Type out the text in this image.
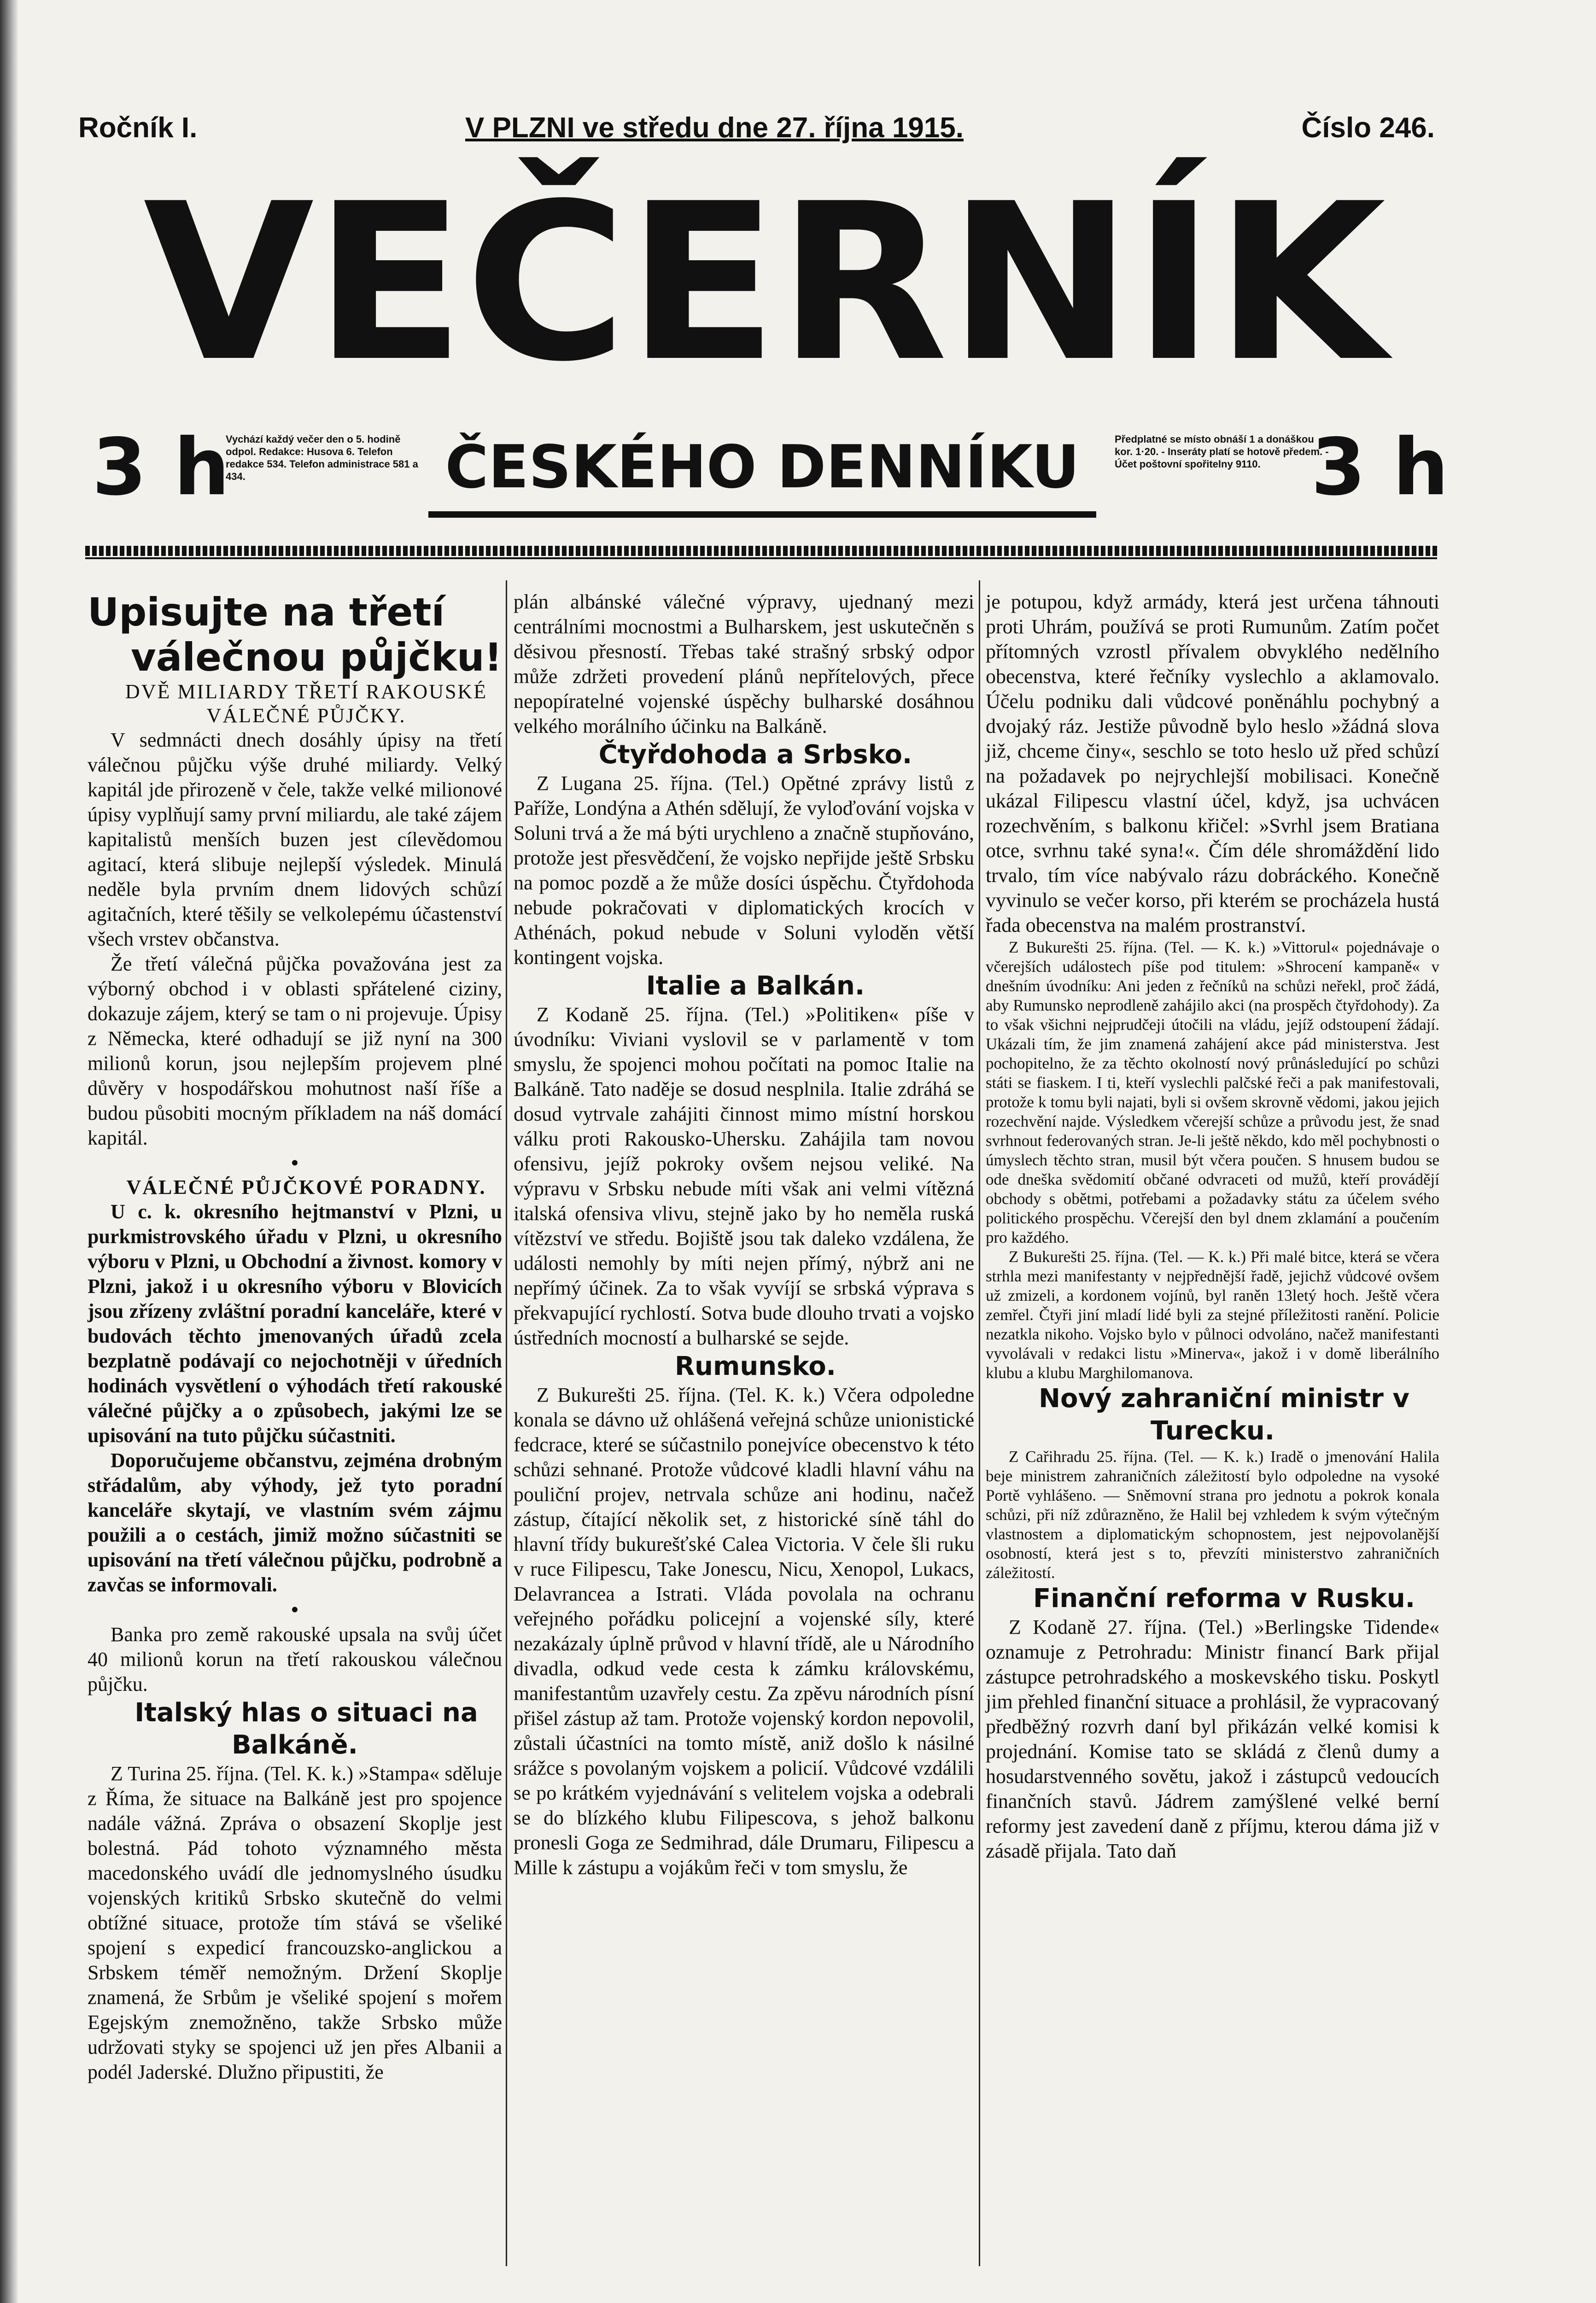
Ročník I.	V PLZNI ve středu dne 27. října 1915.	Číslo 246.
VEČERNÍK
3 h
Vychází každý večer den o 5. hodině odpol. Redakce: Husova 6. Telefon redakce 534. Telefon administrace 581 a 434.	ČESKÉHO DENNÍKU	Předplatné se místo obnáší 1 a donáškou kor. 1·20. - Inseráty platí se hotově předem. - Účet poštovní spořitelny 9110. 3 h

Upisujte na třetí

válečnou půjčku!

DVĚ MILIARDY TŘETÍ RAKOUSKÉ

VÁLEČNÉ PŮJČKY.

V sedmnácti dnech dosáhly úpisy na třetí válečnou půjčku výše druhé miliardy. Velký kapitál jde přirozeně v čele, takže velké milionové úpisy vyplňují samy první miliardu, ale také zájem kapitalistů menších buzen jest cílevědomou agitací, která slibuje nejlepší výsledek. Minulá neděle byla prvním dnem lidových schůzí agitačních, které těšily se velkolepému účastenství všech vrstev občanstva.

Že třetí válečná půjčka považována jest za výborný obchod i v oblasti spřátelené ciziny, dokazuje zájem, který se tam o ni projevuje. Úpisy z Německa, které odhadují se již nyní na 300 milionů korun, jsou nejlepším projevem plné důvěry v hospodářskou mohutnost naší říše a budou působiti mocným příkladem na náš domácí kapitál.

•

VÁLEČNÉ PŮJČKOVÉ PORADNY.

U c. k. okresního hejtmanství v Plzni, u purkmistrovského úřadu v Plzni, u okresního výboru v Plzni, u Obchodní a živnost. komory v Plzni, jakož i u okresního výboru v Blovicích jsou zřízeny zvláštní poradní kanceláře, které v budovách těchto jmenovaných úřadů zcela bezplatně podávají co nejochotněji v úředních hodinách vysvětlení o výhodách třetí rakouské válečné půjčky a o způsobech, jakými lze se upisování na tuto půjčku súčastniti.

Doporučujeme občanstvu, zejména drobným střádalům, aby výhody, jež tyto poradní kanceláře skytají, ve vlastním svém zájmu použili a o cestách, jimiž možno súčastniti se upisování na třetí válečnou půjčku, podrobně a zavčas se informovali.

•

Banka pro země rakouské upsala na svůj účet 40 milionů korun na třetí rakouskou válečnou půjčku.

Italský hlas o situaci na Balkáně.

Z Turina 25. října. (Tel. K. k.) »Stampa« sděluje z Říma, že situace na Balkáně jest pro spojence nadále vážná. Zpráva o obsazení Skoplje jest bolestná. Pád tohoto významného města macedonského uvádí dle jednomyslného úsudku vojenských kritiků Srbsko skutečně do velmi obtížné situace, protože tím stává se všeliké spojení s expedicí francouzsko-anglickou a Srbskem téměř nemožným. Držení Skoplje znamená, že Srbům je všeliké spojení s mořem Egejským znemožněno, takže Srbsko může udržovati styky se spojenci už jen přes Albanii a podél Jaderské. Dlužno připustiti, že

plán albánské válečné výpravy, ujednaný mezi centrálními mocnostmi a Bulharskem, jest uskutečněn s děsivou přesností. Třebas také strašný srbský odpor může zdržeti provedení plánů nepřítelových, přece nepopíratelné vojenské úspěchy bulharské dosáhnou velkého morálního účinku na Balkáně.

Čtyřdohoda a Srbsko.

Z Lugana 25. října. (Tel.) Opětné zprávy listů z Paříže, Londýna a Athén sdělují, že vyloďování vojska v Soluni trvá a že má býti urychleno a značně stupňováno, protože jest přesvědčení, že vojsko nepřijde ještě Srbsku na pomoc pozdě a že může dosíci úspěchu. Čtyřdohoda nebude pokračovati v diplomatických krocích v Athénách, pokud nebude v Soluni vyloděn větší kontingent vojska.

Italie a Balkán.

Z Kodaně 25. října. (Tel.) »Politiken« píše v úvodníku: Viviani vyslovil se v parlamentě v tom smyslu, že spojenci mohou počítati na pomoc Italie na Balkáně. Tato naděje se dosud nesplnila. Italie zdráhá se dosud vytrvale zahájiti činnost mimo místní horskou válku proti Rakousko-Uhersku. Zahájila tam novou ofensivu, jejíž pokroky ovšem nejsou veliké. Na výpravu v Srbsku nebude míti však ani velmi vítězná italská ofensiva vlivu, stejně jako by ho neměla ruská vítězství ve středu. Bojiště jsou tak daleko vzdálena, že události nemohly by míti nejen přímý, nýbrž ani ne nepřímý účinek. Za to však vyvíjí se srbská výprava s překvapující rychlostí. Sotva bude dlouho trvati a vojsko ústředních mocností a bulharské se sejde.

Rumunsko.

Z Bukurešti 25. října. (Tel. K. k.) Včera odpoledne konala se dávno už ohlášená veřejná schůze unionistické fedcrace, které se súčastnilo ponejvíce obecenstvo k této schůzi sehnané. Protože vůdcové kladli hlavní váhu na pouliční projev, netrvala schůze ani hodinu, načež zástup, čítající několik set, z historické síně táhl do hlavní třídy bukurešťské Calea Victoria. V čele šli ruku v ruce Filipescu, Take Jonescu, Nicu, Xenopol, Lukacs, Delavrancea a Istrati. Vláda povolala na ochranu veřejného pořádku policejní a vojenské síly, které nezakázaly úplně průvod v hlavní třídě, ale u Národního divadla, odkud vede cesta k zámku královskému, manifestantům uzavřely cestu. Za zpěvu národních písní přišel zástup až tam. Protože vojenský kordon nepovolil, zůstali účastníci na tomto místě, aniž došlo k násilné srážce s povolaným vojskem a policií. Vůdcové vzdálili se po krátkém vyjednávání s velitelem vojska a odebrali se do blízkého klubu Filipescova, s jehož balkonu pronesli Goga ze Sedmihrad, dále Drumaru, Filipescu a Mille k zástupu a vojákům řeči v tom smyslu, že

je potupou, když armády, která jest určena táhnouti proti Uhrám, používá se proti Rumunům. Zatím počet přítomných vzrostl přívalem obvyklého nedělního obecenstva, které řečníky vyslechlo a aklamovalo. Účelu podniku dali vůdcové poněnáhlu pochybný a dvojaký ráz. Jestiže původně bylo heslo »žádná slova již, chceme činy«, seschlo se toto heslo už před schůzí na požadavek po nejrychlejší mobilisaci. Konečně ukázal Filipescu vlastní účel, když, jsa uchvácen rozechvěním, s balkonu křičel: »Svrhl jsem Bratiana otce, svrhnu také syna!«. Čím déle shromáždění lido trvalo, tím více nabývalo rázu dobráckého. Konečně vyvinulo se večer korso, při kterém se procházela hustá řada obecenstva na malém prostranství.

Z Bukurešti 25. října. (Tel. — K. k.) »Vittorul« pojednávaje o včerejších událostech píše pod titulem: »Shrocení kampaně« v dnešním úvodníku: Ani jeden z řečníků na schůzi neřekl, proč žádá, aby Rumunsko neprodleně zahájilo akci (na prospěch čtyřdohody). Za to však všichni nejprudčeji útočili na vládu, jejíž odstoupení žádají. Ukázali tím, že jim znamená zahájení akce pád ministerstva. Jest pochopitelno, že za těchto okolností nový průnásledující po schůzi státi se fiaskem. I ti, kteří vyslechli palčské řeči a pak manifestovali, protože k tomu byli najati, byli si ovšem skrovně vědomi, jakou jejich rozechvění najde. Výsledkem včerejší schůze a průvodu jest, že snad svrhnout federovaných stran. Je-li ještě někdo, kdo měl pochybnosti o úmyslech těchto stran, musil být včera poučen. S hnusem budou se ode dneška svědomití občané odvraceti od mužů, kteří provádějí obchody s obětmi, potřebami a požadavky státu za účelem svého politického prospěchu. Včerejší den byl dnem zklamání a poučením pro každého.

Z Bukurešti 25. října. (Tel. — K. k.) Při malé bitce, která se včera strhla mezi manifestanty v nejpřednější řadě, jejichž vůdcové ovšem už zmizeli, a kordonem vojínů, byl raněn 13letý hoch. Ještě včera zemřel. Čtyři jiní mladí lidé byli za stejné příležitosti ranění. Policie nezatkla nikoho. Vojsko bylo v půlnoci odvoláno, načež manifestanti vyvolávali v redakci listu »Minerva«, jakož i v domě liberálního klubu a klubu Marghilomanova.

Nový zahraniční ministr v Turecku.

Z Cařihradu 25. října. (Tel. — K. k.) Iradě o jmenování Halila beje ministrem zahraničních záležitostí bylo odpoledne na vysoké Portě vyhlášeno. — Sněmovní strana pro jednotu a pokrok konala schůzi, při níž zdůrazněno, že Halil bej vzhledem k svým výtečným vlastnostem a diplomatickým schopnostem, jest nejpovolanější osobností, která jest s to, převzíti ministerstvo zahraničních záležitostí.

Finanční reforma v Rusku.

Z Kodaně 27. října. (Tel.) »Berlingske Tidende« oznamuje z Petrohradu: Ministr financí Bark přijal zástupce petrohradského a moskevského tisku. Poskytl jim přehled finanční situace a prohlásil, že vypracovaný předběžný rozvrh daní byl přikázán velké komisi k projednání. Komise tato se skládá z členů dumy a hosudarstvenného sovětu, jakož i zástupců vedoucích finančních stavů. Jádrem zamýšlené velké berní reformy jest zavedení daně z příjmu, kterou dáma již v zásadě přijala. Tato daň
